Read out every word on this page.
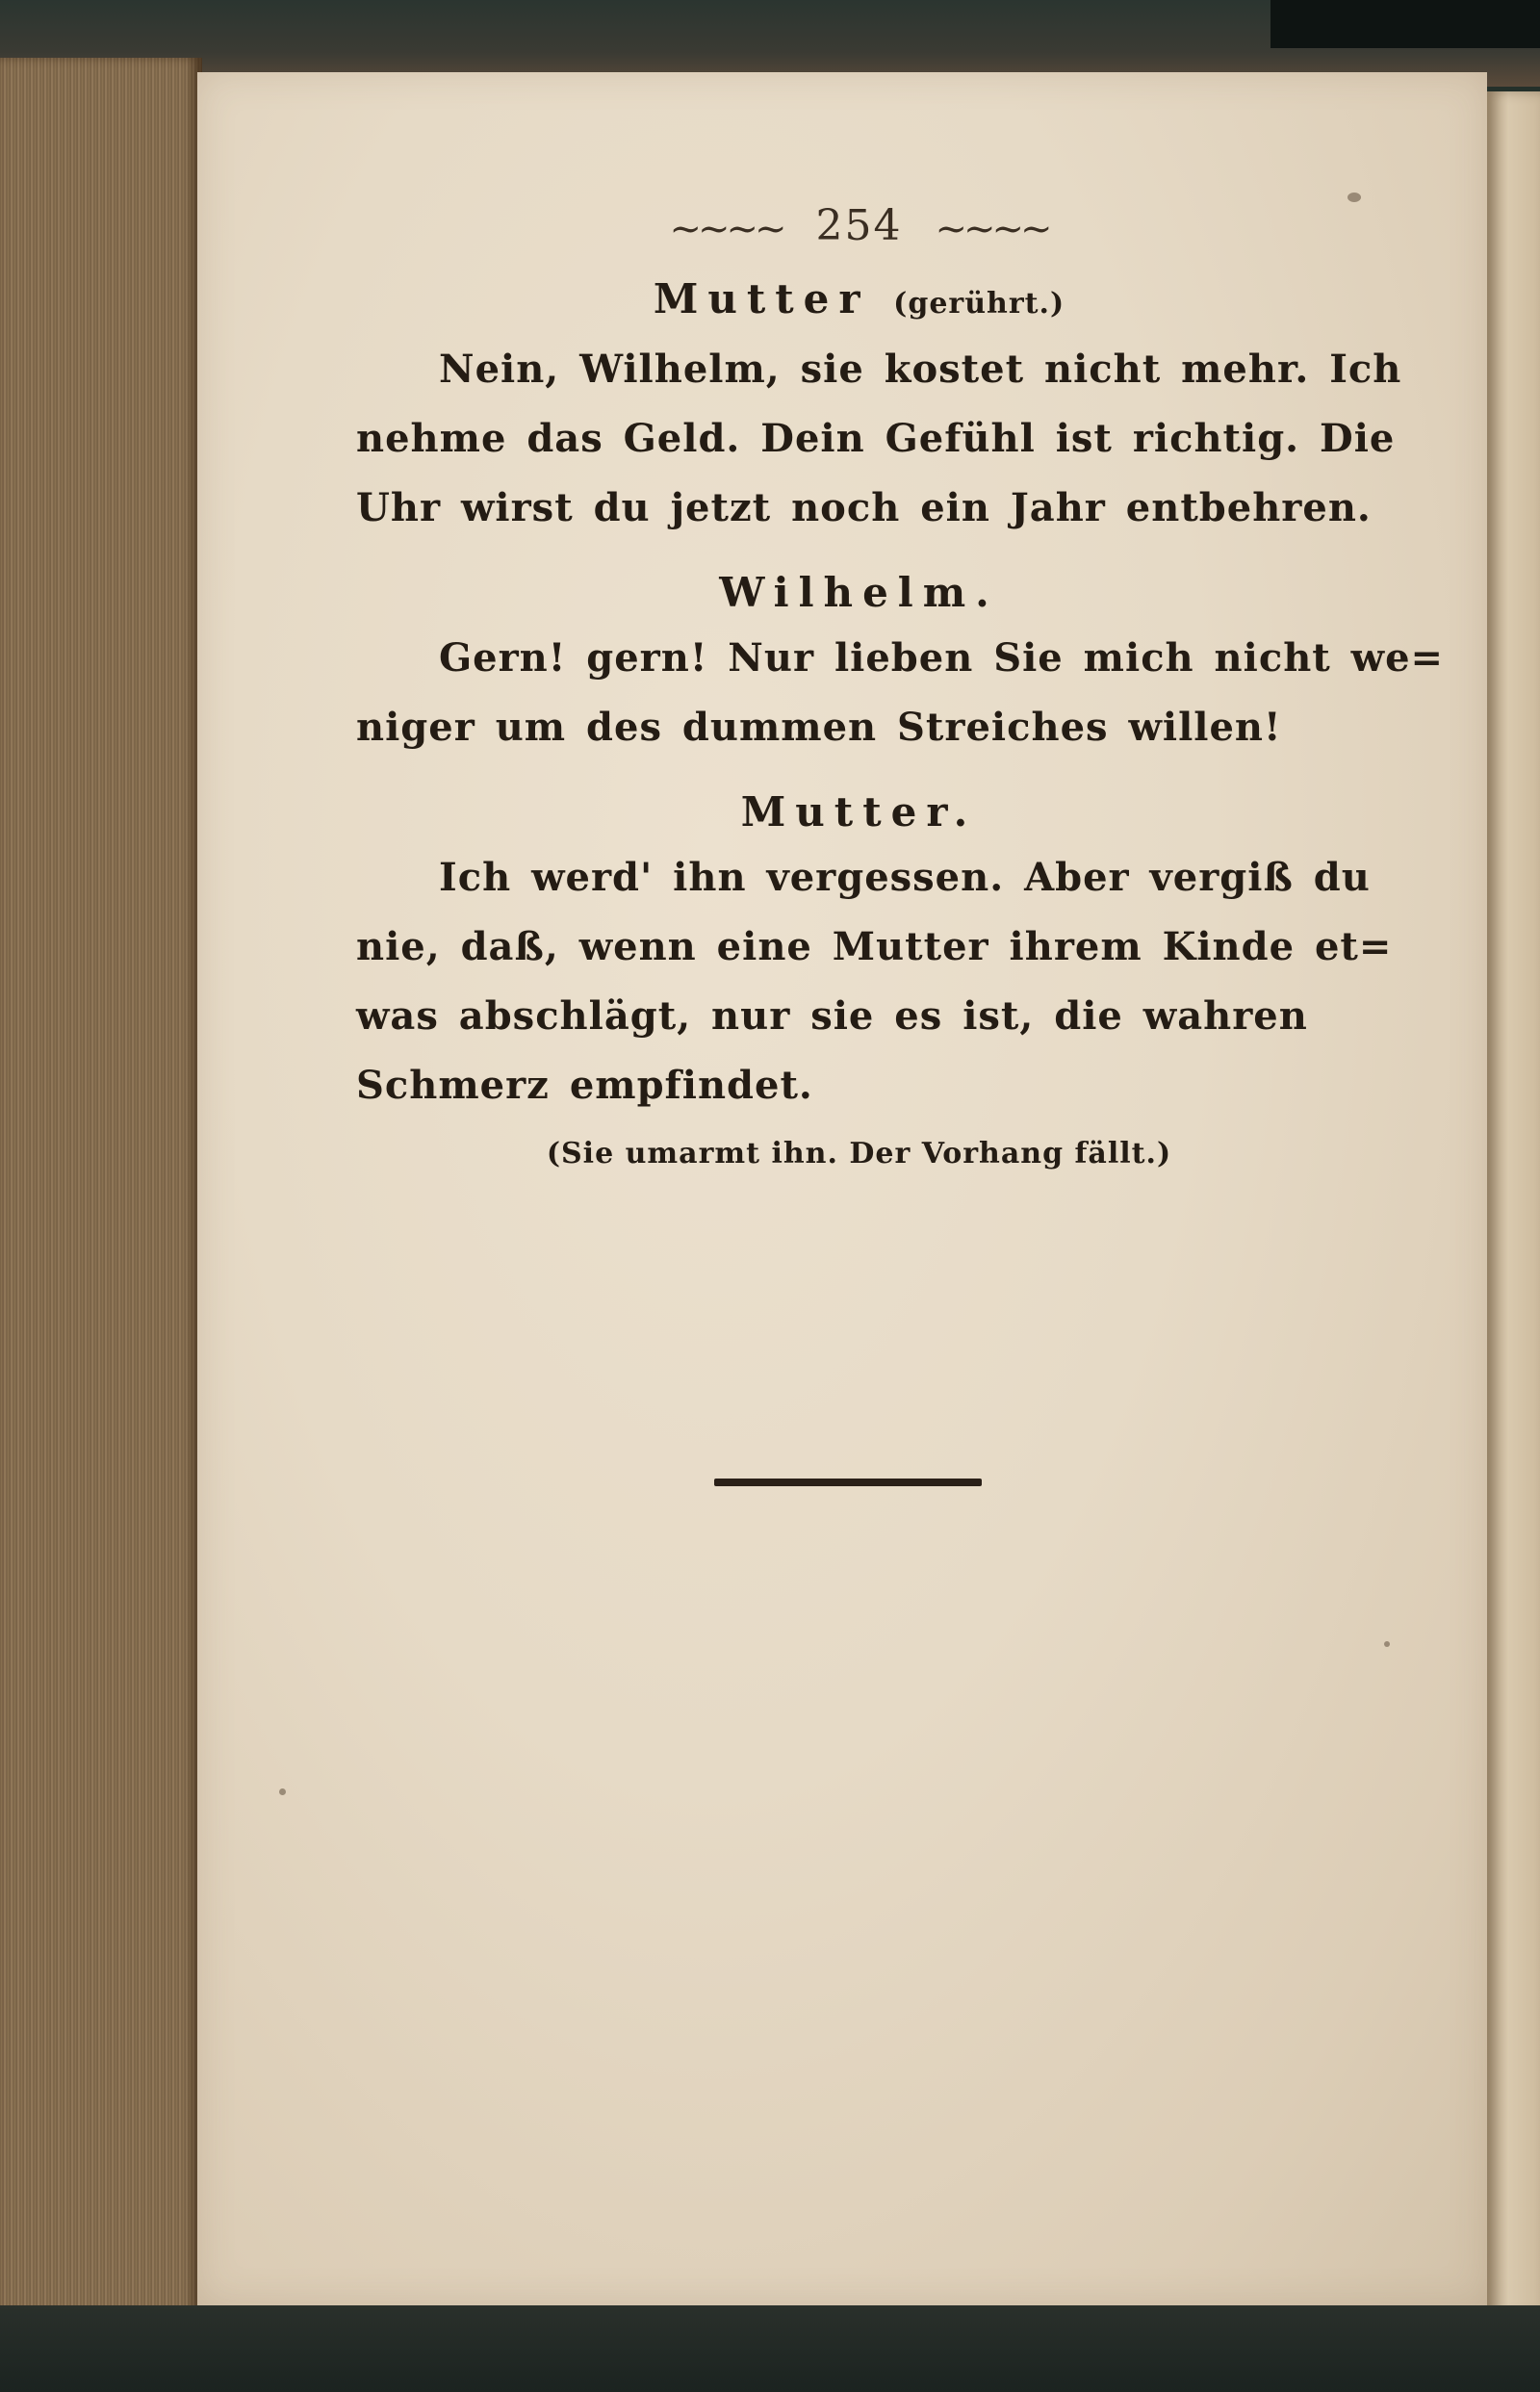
~~~~ 254 ~~~~
Mutter (gerührt.)
Nein, Wilhelm, sie kostet nicht mehr. Ich
nehme das Geld. Dein Gefühl ist richtig. Die
Uhr wirst du jetzt noch ein Jahr entbehren.
Wilhelm.
Gern! gern! Nur lieben Sie mich nicht we=
niger um des dummen Streiches willen!
Mutter.
Ich werd' ihn vergessen. Aber vergiß du
nie, daß, wenn eine Mutter ihrem Kinde et=
was abschlägt, nur sie es ist, die wahren
Schmerz empfindet.
(Sie umarmt ihn. Der Vorhang fällt.)
